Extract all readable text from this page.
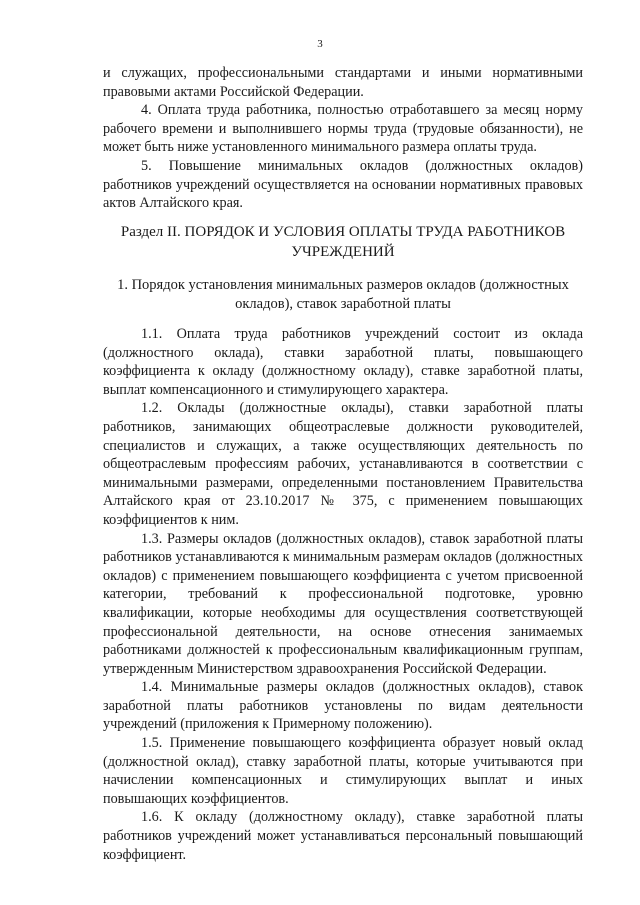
3

и служащих, профессиональными стандартами и иными нормативными правовыми актами Российской Федерации.

4. Оплата труда работника, полностью отработавшего за месяц норму рабочего времени и выполнившего нормы труда (трудовые обязанности), не может быть ниже установленного минимального размера оплаты труда.

5. Повышение минимальных окладов (должностных окладов) работников учреждений осуществляется на основании нормативных правовых актов Алтайского края.

Раздел II. ПОРЯДОК И УСЛОВИЯ ОПЛАТЫ ТРУДА РАБОТНИКОВ УЧРЕЖДЕНИЙ
1. Порядок установления минимальных размеров окладов (должностных окладов), ставок заработной платы

1.1. Оплата труда работников учреждений состоит из оклада (должностного оклада), ставки заработной платы, повышающего коэффициента к окладу (должностному окладу), ставке заработной платы, выплат компенсационного и стимулирующего характера.

1.2. Оклады (должностные оклады), ставки заработной платы работников, занимающих общеотраслевые должности руководителей, специалистов и служащих, а также осуществляющих деятельность по общеотраслевым профессиям рабочих, устанавливаются в соответствии с минимальными размерами, определенными постановлением Правительства Алтайского края от 23.10.2017 № 375, с применением повышающих коэффициентов к ним.

1.3. Размеры окладов (должностных окладов), ставок заработной платы работников устанавливаются к минимальным размерам окладов (должностных окладов) с применением повышающего коэффициента с учетом присвоенной категории, требований к профессиональной подготовке, уровню квалификации, которые необходимы для осуществления соответствующей профессиональной деятельности, на основе отнесения занимаемых работниками должностей к профессиональным квалификационным группам, утвержденным Министерством здравоохранения Российской Федерации.

1.4. Минимальные размеры окладов (должностных окладов), ставок заработной платы работников установлены по видам деятельности учреждений (приложения к Примерному положению).

1.5. Применение повышающего коэффициента образует новый оклад (должностной оклад), ставку заработной платы, которые учитываются при начислении компенсационных и стимулирующих выплат и иных повышающих коэффициентов.

1.6. К окладу (должностному окладу), ставке заработной платы работников учреждений может устанавливаться персональный повышающий коэффициент.
